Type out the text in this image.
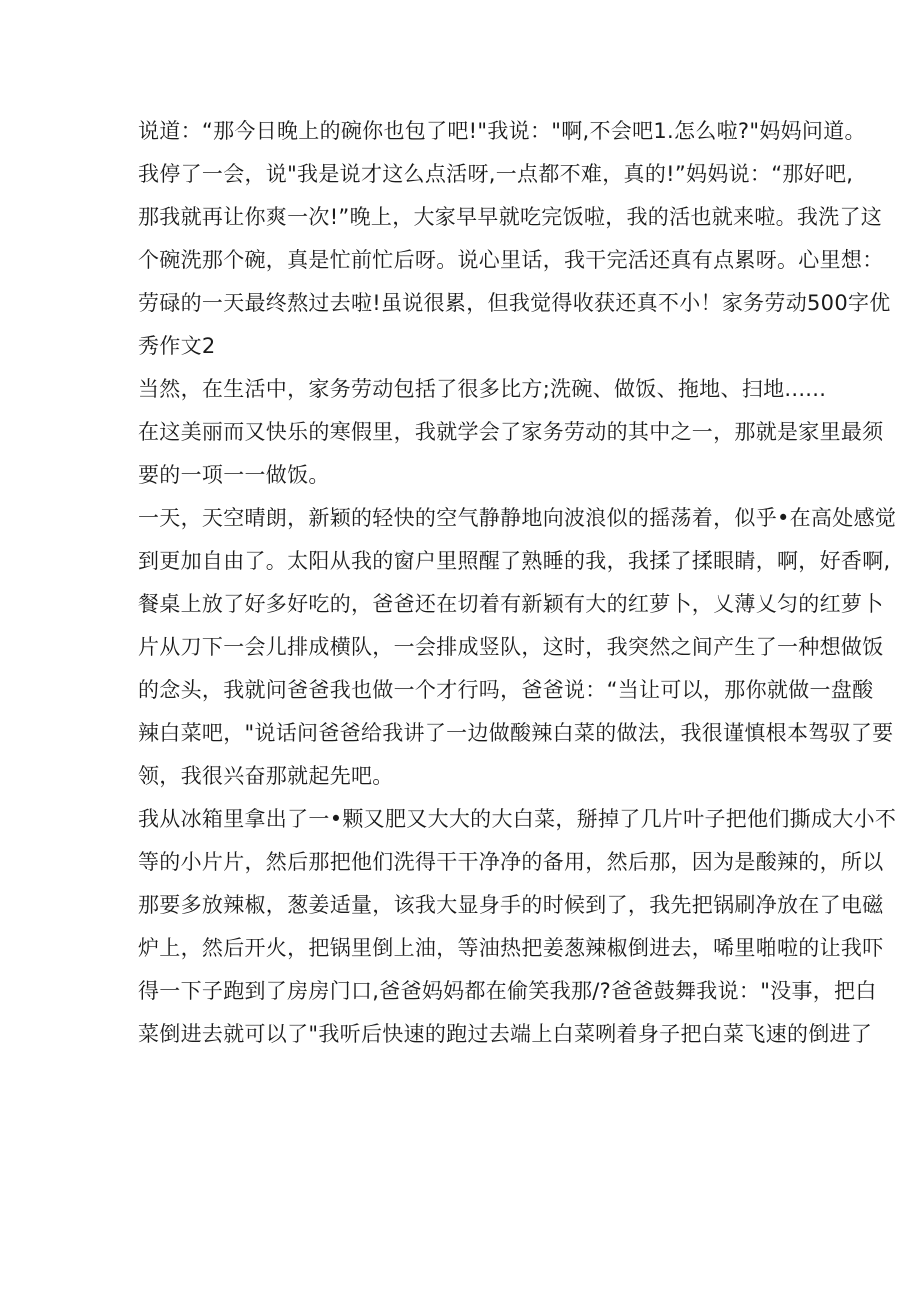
说道：“那今日晚上的碗你也包了吧!"我说："啊,不会吧1.怎么啦?"妈妈问道。
我停了一会，说"我是说才这么点活呀,一点都不难，真的!”妈妈说：“那好吧,
那我就再让你爽一次!”晚上，大家早早就吃完饭啦，我的活也就来啦。我洗了这
个碗洗那个碗，真是忙前忙后呀。说心里话，我干完活还真有点累呀。心里想：
劳碌的一天最终熬过去啦!虽说很累，但我觉得收获还真不小！家务劳动500字优
秀作文2
当然，在生活中，家务劳动包括了很多比方;洗碗、做饭、拖地、扫地......
在这美丽而又快乐的寒假里，我就学会了家务劳动的其中之一，那就是家里最须
要的一项一一做饭。
一天，天空晴朗，新颖的轻快的空气静静地向波浪似的摇荡着，似乎•在高处感觉
到更加自由了。太阳从我的窗户里照醒了熟睡的我，我揉了揉眼睛，啊，好香啊,
餐桌上放了好多好吃的，爸爸还在切着有新颖有大的红萝卜，乂薄乂匀的红萝卜
片从刀下一会儿排成横队，一会排成竖队，这时，我突然之间产生了一种想做饭
的念头，我就问爸爸我也做一个才行吗，爸爸说：“当让可以，那你就做一盘酸
辣白菜吧，"说话问爸爸给我讲了一边做酸辣白菜的做法，我很谨慎根本驾驭了要
领，我很兴奋那就起先吧。
我从冰箱里拿出了一•颗又肥又大大的大白菜，掰掉了几片叶子把他们撕成大小不
等的小片片，然后那把他们洗得干干净净的备用，然后那，因为是酸辣的，所以
那要多放辣椒，葱姜适量，该我大显身手的时候到了，我先把锅刷净放在了电磁
炉上，然后开火，把锅里倒上油，等油热把姜葱辣椒倒进去，唏里啪啦的让我吓
得一下子跑到了房房门口,爸爸妈妈都在偷笑我那/?爸爸鼓舞我说："没事，把白
菜倒进去就可以了"我听后快速的跑过去端上白菜咧着身子把白菜飞速的倒进了
